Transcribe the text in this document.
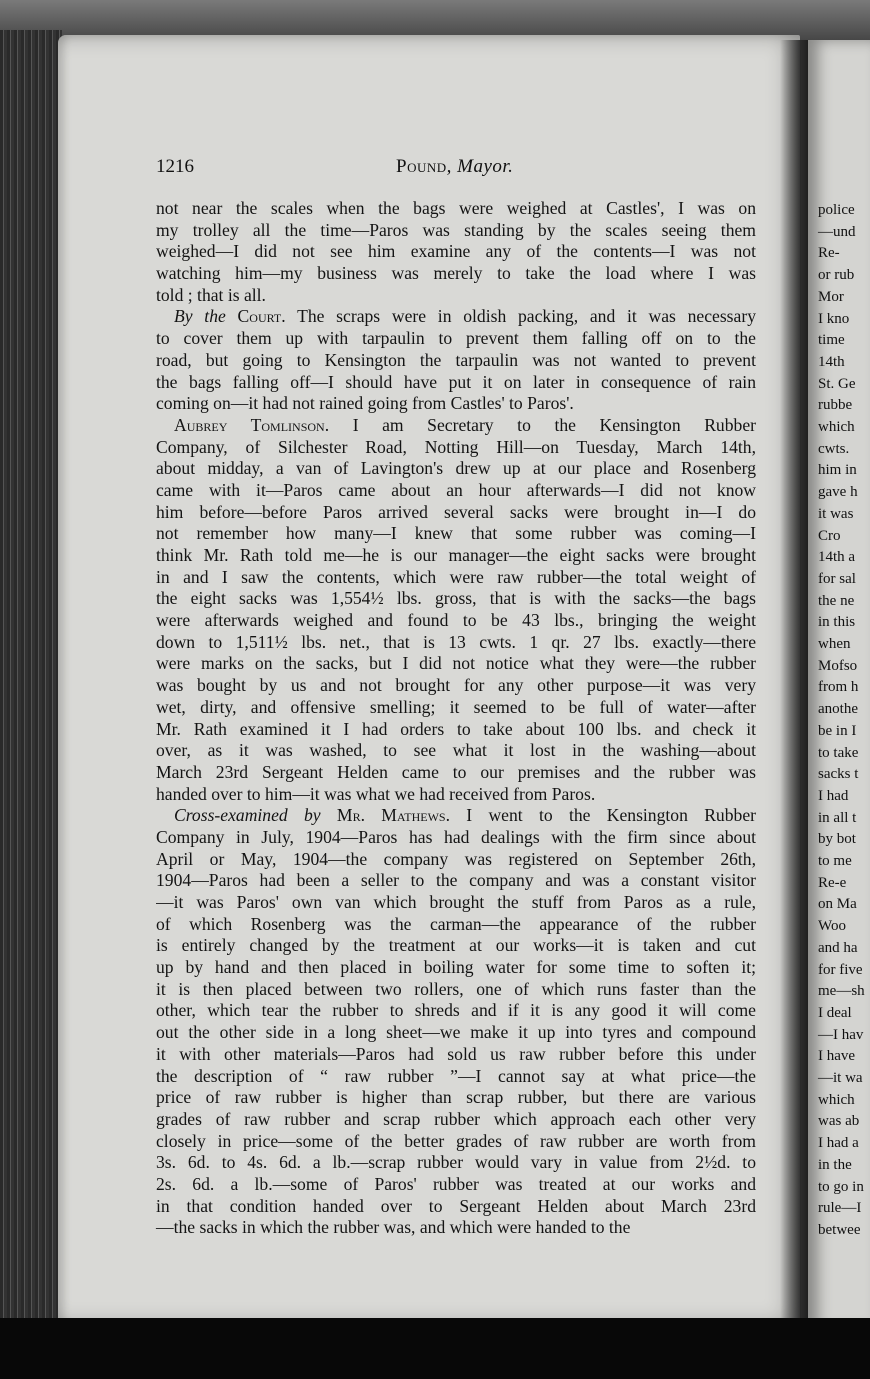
police
—und
Re-
or rub
Mor
I kno
time
14th
St. Ge
rubbe
which
cwts.
him in
gave h
it was
Cro
14th a
for sal
the ne
in this
when
Mofso
from h
anothe
be in I
to take
sacks t
I had
in all t
by bot
to me
Re-e
on Ma
Woo
and ha
for five
me—sh
I deal
—I hav
I have
—it wa
which
was ab
I had a
in the
to go in
rule—I
betwee
1216	Pound, Mayor.
not near the scales when the bags were weighed at Castles', I was on
my trolley all the time—Paros was standing by the scales seeing them
weighed—I did not see him examine any of the contents—I was not
watching him—my business was merely to take the load where I was
told ; that is all.
By the Court. The scraps were in oldish packing, and it was necessary
to cover them up with tarpaulin to prevent them falling off on to the
road, but going to Kensington the tarpaulin was not wanted to prevent
the bags falling off—I should have put it on later in consequence of rain
coming on—it had not rained going from Castles' to Paros'.
Aubrey Tomlinson. I am Secretary to the Kensington Rubber
Company, of Silchester Road, Notting Hill—on Tuesday, March 14th,
about midday, a van of Lavington's drew up at our place and Rosenberg
came with it—Paros came about an hour afterwards—I did not know
him before—before Paros arrived several sacks were brought in—I do
not remember how many—I knew that some rubber was coming—I
think Mr. Rath told me—he is our manager—the eight sacks were brought
in and I saw the contents, which were raw rubber—the total weight of
the eight sacks was 1,554½ lbs. gross, that is with the sacks—the bags
were afterwards weighed and found to be 43 lbs., bringing the weight
down to 1,511½ lbs. net., that is 13 cwts. 1 qr. 27 lbs. exactly—there
were marks on the sacks, but I did not notice what they were—the rubber
was bought by us and not brought for any other purpose—it was very
wet, dirty, and offensive smelling; it seemed to be full of water—after
Mr. Rath examined it I had orders to take about 100 lbs. and check it
over, as it was washed, to see what it lost in the washing—about
March 23rd Sergeant Helden came to our premises and the rubber was
handed over to him—it was what we had received from Paros.
Cross-examined by Mr. Mathews. I went to the Kensington Rubber
Company in July, 1904—Paros has had dealings with the firm since about
April or May, 1904—the company was registered on September 26th,
1904—Paros had been a seller to the company and was a constant visitor
—it was Paros' own van which brought the stuff from Paros as a rule,
of which Rosenberg was the carman—the appearance of the rubber
is entirely changed by the treatment at our works—it is taken and cut
up by hand and then placed in boiling water for some time to soften it;
it is then placed between two rollers, one of which runs faster than the
other, which tear the rubber to shreds and if it is any good it will come
out the other side in a long sheet—we make it up into tyres and compound
it with other materials—Paros had sold us raw rubber before this under
the description of “ raw rubber ”—I cannot say at what price—the
price of raw rubber is higher than scrap rubber, but there are various
grades of raw rubber and scrap rubber which approach each other very
closely in price—some of the better grades of raw rubber are worth from
3s. 6d. to 4s. 6d. a lb.—scrap rubber would vary in value from 2½d. to
2s. 6d. a lb.—some of Paros' rubber was treated at our works and
in that condition handed over to Sergeant Helden about March 23rd
—the sacks in which the rubber was, and which were handed to the
